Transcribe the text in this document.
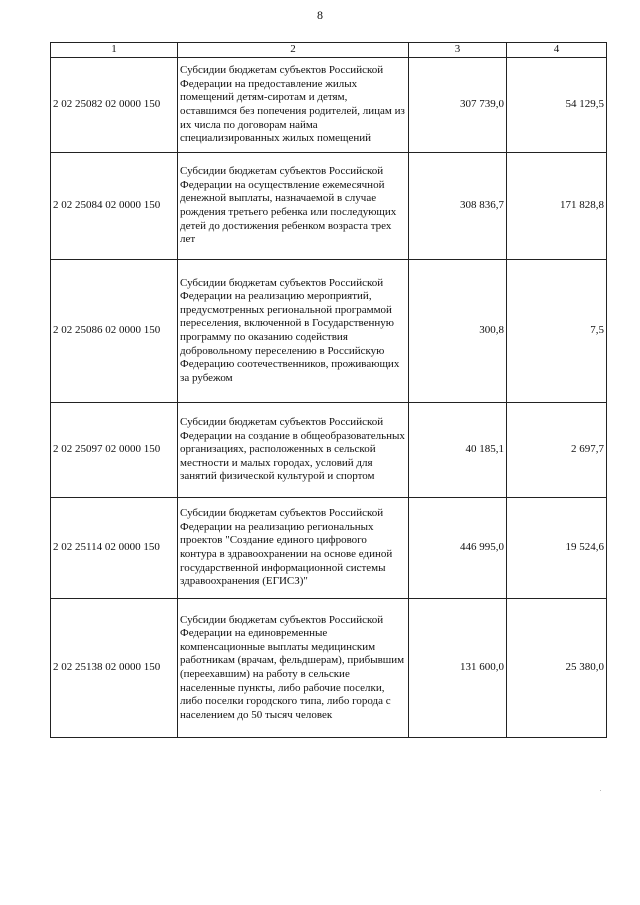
8
1	2	3	4
2 02 25082 02 0000 150	Субсидии бюджетам субъектов Российской Федерации на предоставление жилых помещений детям-сиротам и детям, оставшимся без попечения родителей, лицам из их числа по договорам найма специализированных жилых помещений	307 739,0	54 129,5
2 02 25084 02 0000 150	Субсидии бюджетам субъектов Российской Федерации на осуществление ежемесячной денежной выплаты, назначаемой в случае рождения третьего ребенка или последующих детей до достижения ребенком возраста трех лет	308 836,7	171 828,8
2 02 25086 02 0000 150	Субсидии бюджетам субъектов Российской Федерации на реализацию мероприятий, предусмотренных региональной программой переселения, включенной в Государственную программу по оказанию содействия добровольному переселению в Российскую Федерацию соотечественников, проживающих за рубежом	300,8	7,5
2 02 25097 02 0000 150	Субсидии бюджетам субъектов Российской Федерации на создание в общеобразовательных организациях, расположенных в сельской местности и малых городах, условий для занятий физической культурой и спортом	40 185,1	2 697,7
2 02 25114 02 0000 150	Субсидии бюджетам субъектов Российской Федерации на реализацию региональных проектов "Создание единого цифрового контура в здравоохранении на основе единой государственной информационной системы здравоохранения (ЕГИСЗ)"	446 995,0	19 524,6
2 02 25138 02 0000 150	Субсидии бюджетам субъектов Российской Федерации на единовременные компенсационные выплаты медицинским работникам (врачам, фельдшерам), прибывшим (переехавшим) на работу в сельские населенные пункты, либо рабочие поселки, либо поселки городского типа, либо города с населением до 50 тысяч человек	131 600,0	25 380,0
